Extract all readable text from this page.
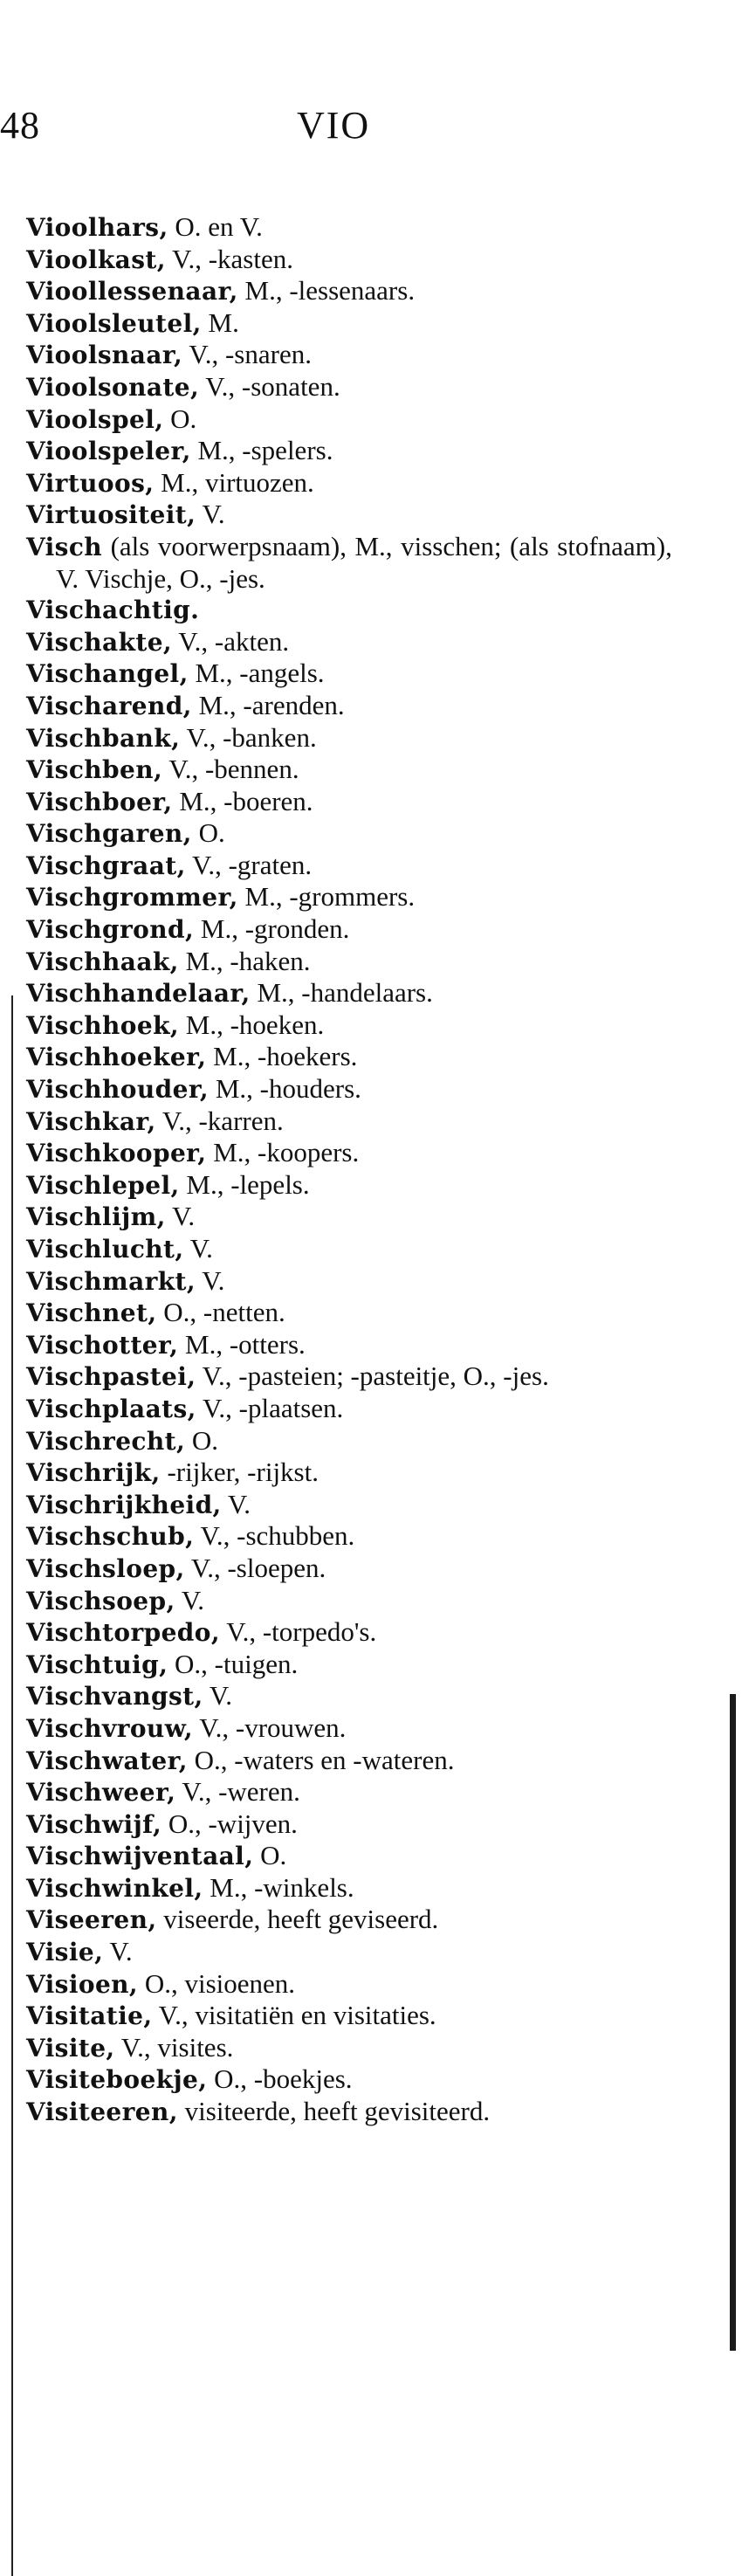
48	VIO
Vioolhars, O. en V.
Vioolkast, V., -kasten.
Vioollessenaar, M., -lessenaars.
Vioolsleutel, M.
Vioolsnaar, V., -snaren.
Vioolsonate, V., -sonaten.
Vioolspel, O.
Vioolspeler, M., -spelers.
Virtuoos, M., virtuozen.
Virtuositeit, V.
Visch (als voorwerpsnaam), M., visschen; (als stofnaam), V. Vischje, O., -jes.
Vischachtig.
Vischakte, V., -akten.
Vischangel, M., -angels.
Vischarend, M., -arenden.
Vischbank, V., -banken.
Vischben, V., -bennen.
Vischboer, M., -boeren.
Vischgaren, O.
Vischgraat, V., -graten.
Vischgrommer, M., -grommers.
Vischgrond, M., -gronden.
Vischhaak, M., -haken.
Vischhandelaar, M., -handelaars.
Vischhoek, M., -hoeken.
Vischhoeker, M., -hoekers.
Vischhouder, M., -houders.
Vischkar, V., -karren.
Vischkooper, M., -koopers.
Vischlepel, M., -lepels.
Vischlijm, V.
Vischlucht, V.
Vischmarkt, V.
Vischnet, O., -netten.
Vischotter, M., -otters.
Vischpastei, V., -pasteien; -pasteitje, O., -jes.
Vischplaats, V., -plaatsen.
Vischrecht, O.
Vischrijk, -rijker, -rijkst.
Vischrijkheid, V.
Vischschub, V., -schubben.
Vischsloep, V., -sloepen.
Vischsoep, V.
Vischtorpedo, V., -torpedo's.
Vischtuig, O., -tuigen.
Vischvangst, V.
Vischvrouw, V., -vrouwen.
Vischwater, O., -waters en -wateren.
Vischweer, V., -weren.
Vischwijf, O., -wijven.
Vischwijventaal, O.
Vischwinkel, M., -winkels.
Viseeren, viseerde, heeft geviseerd.
Visie, V.
Visioen, O., visioenen.
Visitatie, V., visitatiën en visitaties.
Visite, V., visites.
Visiteboekje, O., -boekjes.
Visiteeren, visiteerde, heeft gevisiteerd.
